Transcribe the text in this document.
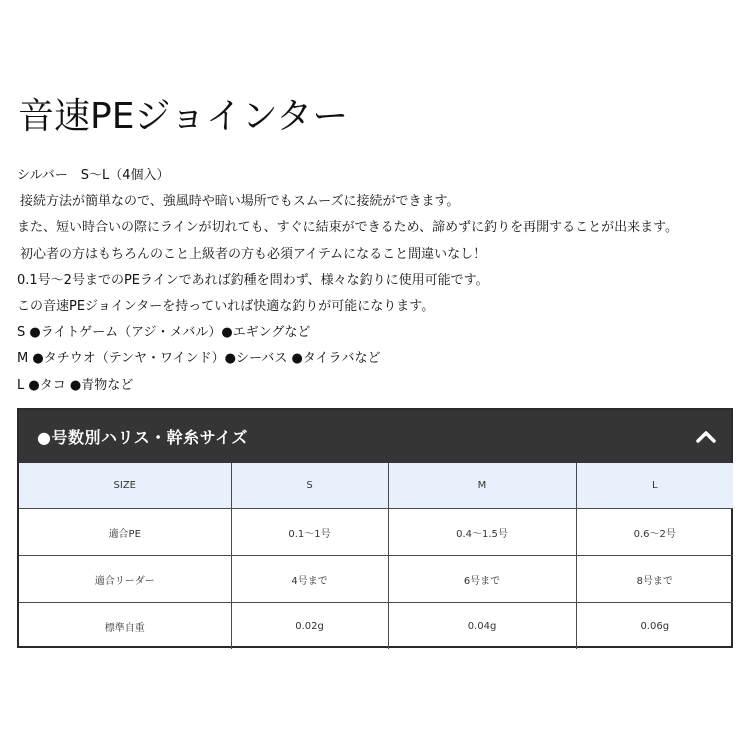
音速PEジョインター
シルバー　S〜L（4個入）
接続方法が簡単なので、強風時や暗い場所でもスムーズに接続ができます。
また、短い時合いの際にラインが切れても、すぐに結束ができるため、諦めずに釣りを再開することが出来ます。
初心者の方はもちろんのこと上級者の方も必須アイテムになること間違いなし！
0.1号〜2号までのPEラインであれば釣種を問わず、様々な釣りに使用可能です。
この音速PEジョインターを持っていれば快適な釣りが可能になります。
S ●ライトゲーム（アジ・メバル）●エギングなど
M ●タチウオ（テンヤ・ワインド）●シーバス ●タイラバなど
L ●タコ ●青物など
●号数別ハリス・幹糸サイズ
SIZE	S	M	L
適合PE	0.1〜1号	0.4〜1.5号	0.6〜2号
適合リーダー	4号まで	6号まで	8号まで
標準自重	0.02g	0.04g	0.06g
